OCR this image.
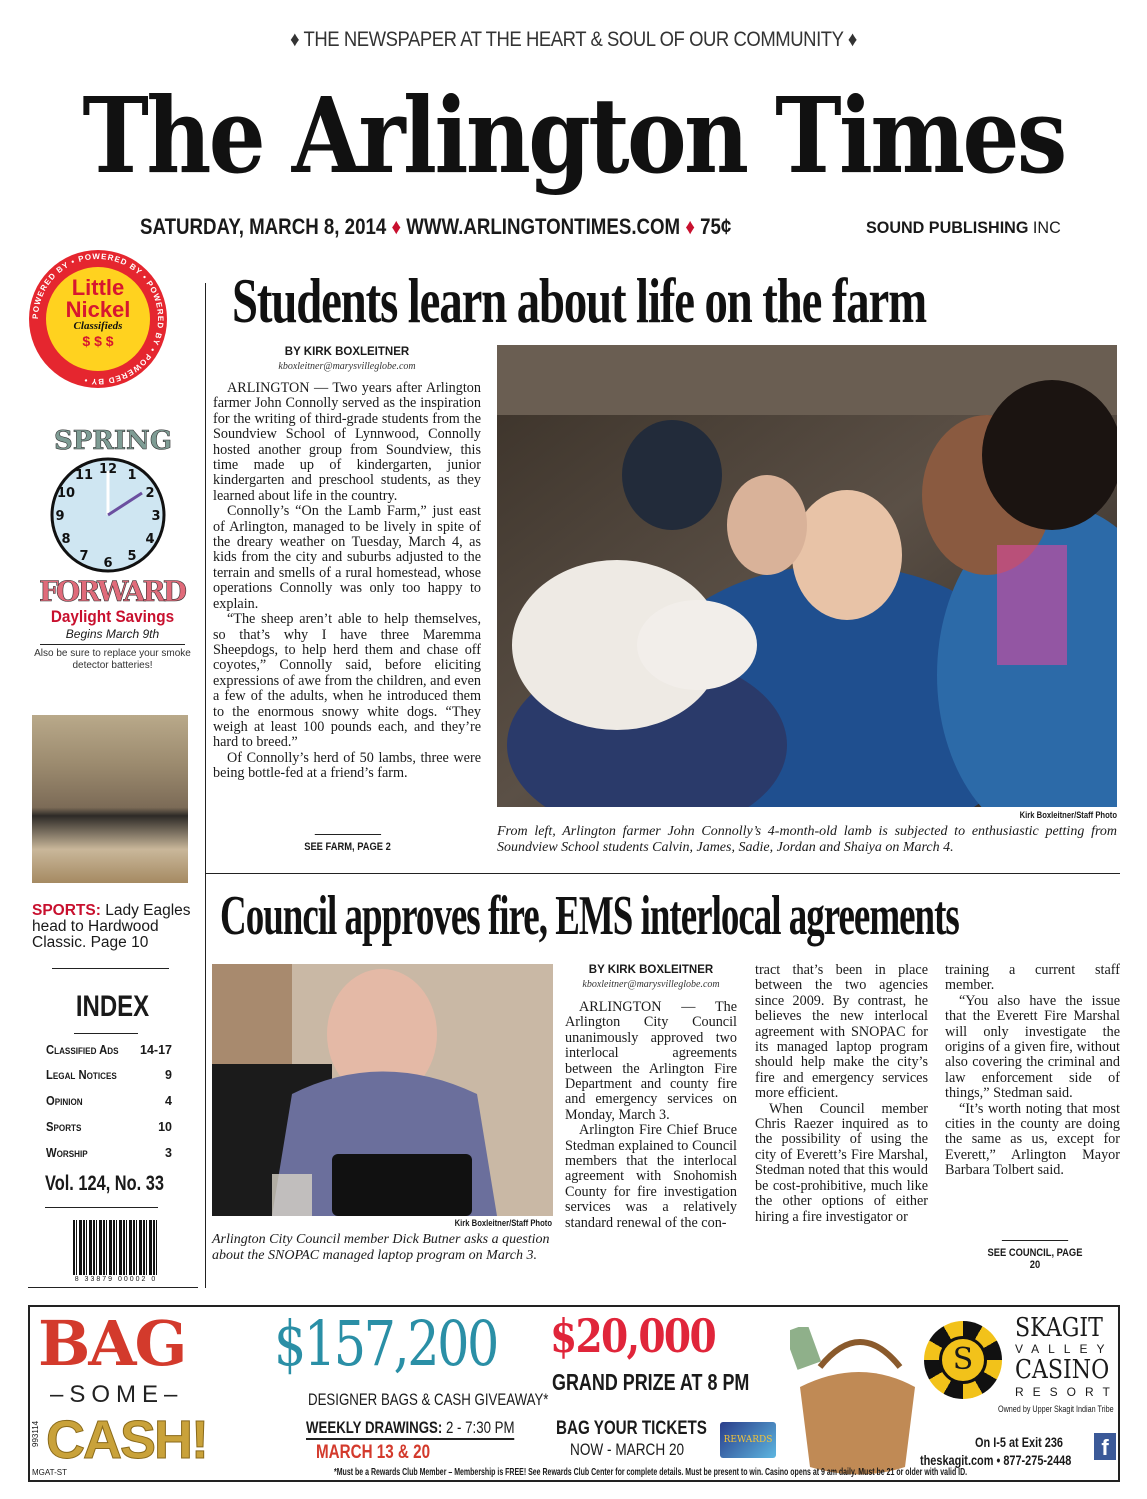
♦ THE NEWSPAPER AT THE HEART & SOUL OF OUR COMMUNITY ♦
The Arlington Times
SATURDAY, MARCH 8, 2014 ♦ WWW.ARLINGTONTIMES.COM ♦ 75¢	SOUND PUBLISHING INC
Little
Nickel
Classifieds
$ $ $
POWERED BY • POWERED BY • POWERED BY • POWERED BY •
SPRING
12 1
2
3
4
5
6
7
8
9
10
11
FORWARD
Daylight Savings
Begins March 9th
Also be sure to replace your smoke detector batteries!
SPORTS: Lady Eagles head to Hardwood Classic. Page 10
INDEX
Classified Ads 14-17
Legal Notices	9
Opinion	4
Sports	10
Worship	3
Vol. 124, No. 33
8 33879 00002 0
Students learn about life on the farm
BY KIRK BOXLEITNER
kboxleitner@marysvilleglobe.com

ARLINGTON — Two years after Arlington farmer John Connolly served as the inspiration for the writing of third-grade students from the Soundview School of Lynnwood, Connolly hosted another group from Soundview, this time made up of kindergarten, junior kindergarten and preschool students, as they learned about life in the country.

Connolly’s “On the Lamb Farm,” just east of Arlington, managed to be lively in spite of the dreary weather on Tuesday, March 4, as kids from the city and suburbs adjusted to the terrain and smells of a rural homestead, whose operations Connolly was only too happy to explain.

“The sheep aren’t able to help themselves, so that’s why I have three Maremma Sheepdogs, to help herd them and chase off coyotes,” Connolly said, before eliciting expressions of awe from the children, and even a few of the adults, when he introduced them to the enormous snowy white dogs. “They weigh at least 100 pounds each, and they’re hard to breed.”

Of Connolly’s herd of 50 lambs, three were being bottle-fed at a friend’s farm.

SEE FARM, PAGE 2
Kirk Boxleitner/Staff Photo
From left, Arlington farmer John Connolly’s 4-month-old lamb is subjected to enthusiastic petting from Soundview School students Calvin, James, Sadie, Jordan and Shaiya on March 4.
Council approves fire, EMS interlocal agreements
Kirk Boxleitner/Staff Photo
Arlington City Council member Dick Butner asks a question about the SNOPAC managed laptop program on March 3.
BY KIRK BOXLEITNER
kboxleitner@marysvilleglobe.com

ARLINGTON — The Arlington City Council unanimously approved two interlocal agreements between the Arlington Fire Department and county fire and emergency services on Monday, March 3.

Arlington Fire Chief Bruce Stedman explained to Council members that the interlocal agreement with Snohomish County for fire investigation services was a relatively standard renewal of the con-

tract that’s been in place between the two agencies since 2009. By contrast, he believes the new interlocal agreement with SNOPAC for its managed laptop program should help make the city’s fire and emergency services more efficient.

When Council member Chris Raezer inquired as to the possibility of using the city of Everett’s Fire Marshal, Stedman noted that this would be cost-prohibitive, much like the other options of either hiring a fire investigator or

training a current staff member.

“You also have the issue that the Everett Fire Marshal will only investigate the origins of a given fire, without also covering the criminal and law enforcement side of things,” Stedman said.

“It’s worth noting that most cities in the county are doing the same as us, except for Everett,” Arlington Mayor Barbara Tolbert said.

SEE COUNCIL, PAGE 20
BAG
–SOME–
CASH!
993114
MGAT-ST
$157,200
DESIGNER BAGS & CASH GIVEAWAY*
WEEKLY DRAWINGS: 2 - 7:30 PM
MARCH 13 & 20
$20,000
GRAND PRIZE AT 8 PM
BAG YOUR TICKETS
NOW - MARCH 20	REWARDS
S
SKAGIT
VALLEY
CASINO
RESORT
Owned by Upper Skagit Indian Tribe
On I-5 at Exit 236
theskagit.com • 877-275-2448	f
*Must be a Rewards Club Member – Membership is FREE! See Rewards Club Center for complete details. Must be present to win. Casino opens at 9 am daily. Must be 21 or older with valid ID.
